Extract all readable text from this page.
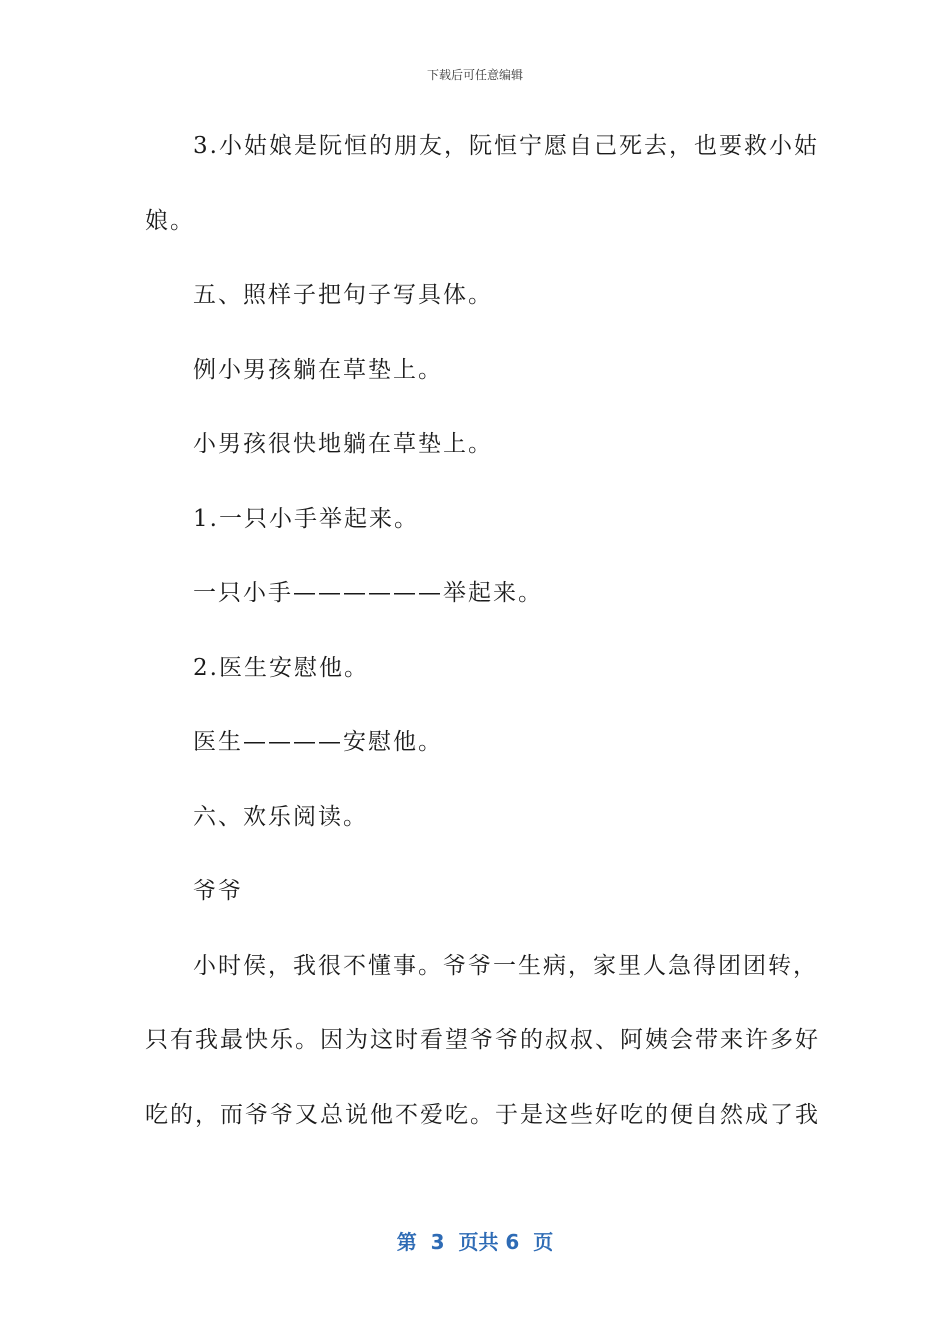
下载后可任意编辑

3.小姑娘是阮恒的朋友，阮恒宁愿自己死去，也要救小姑

娘。

五、照样子把句子写具体。

例小男孩躺在草垫上。

小男孩很快地躺在草垫上。

1.一只小手举起来。

一只小手——————举起来。

2.医生安慰他。

医生————安慰他。

六、欢乐阅读。

爷爷

小时侯，我很不懂事。爷爷一生病，家里人急得团团转，

只有我最快乐。因为这时看望爷爷的叔叔、阿姨会带来许多好

吃的，而爷爷又总说他不爱吃。于是这些好吃的便自然成了我

第  3  页共 6  页
